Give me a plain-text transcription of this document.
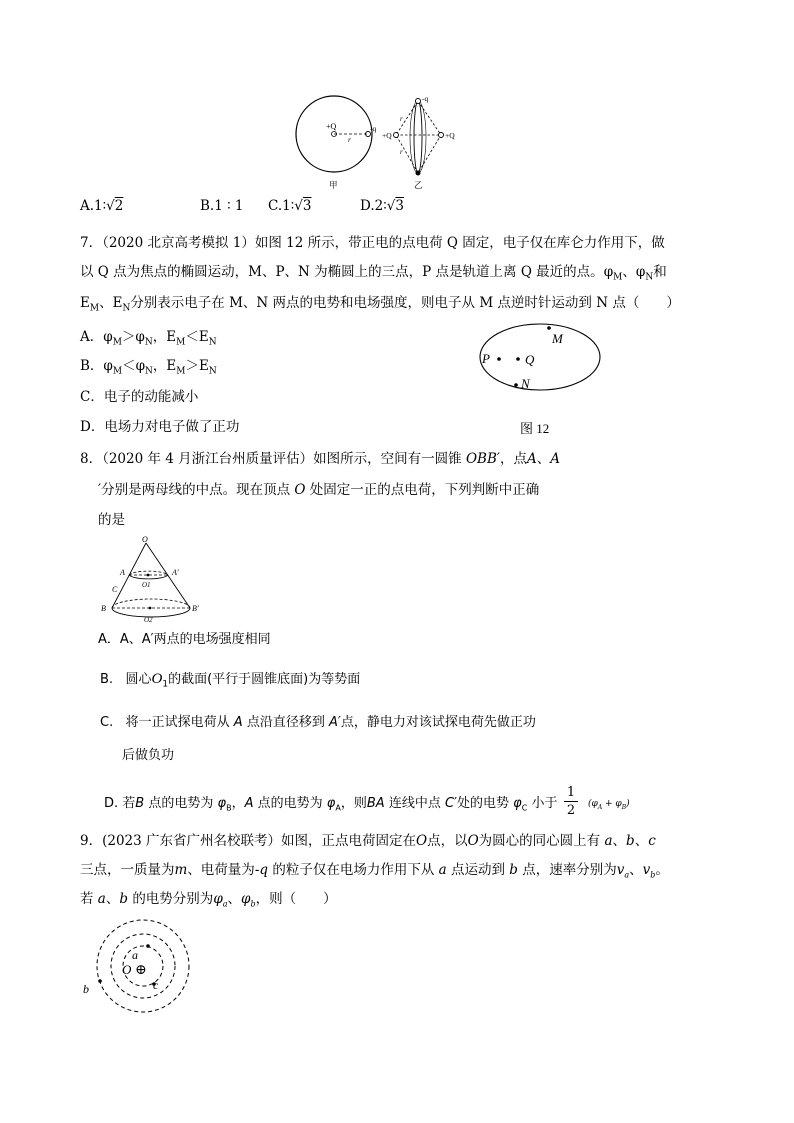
+Q	-q
r
甲
-q
+Q	+Q
r
r
乙
A.1∶√2	B.1 ∶ 1 C.1∶√3	D.2∶√3
7．（2020 北京高考模拟 1）如图 12 所示，带正电的点电荷 Q 固定，电子仅在库仑力作用下，做
以 Q 点为焦点的椭圆运动，M、P、N 为椭圆上的三点，P 点是轨道上离 Q 最近的点。$\varphi_M$、$\varphi_N$和
$E_M$、$E_N$分别表示电子在 M、N 两点的电势和电场强度，则电子从 M 点逆时针运动到 N 点（　　）
A．$\varphi_M>\varphi_N$，$E_M<E_N$
B．$\varphi_M<\varphi_N$，$E_M>E_N$
C．电子的动能减小
D．电场力对电子做了正功
M
P	Q
N
图 12
8．（2020 年 4 月浙江台州质量评估）如图所示，空间有一圆锥 OBB′，点A、A
′分别是两母线的中点。现在顶点 O 处固定一正的点电荷，下列判断中正确
的是
O
A	A′
C	O1
B	B′
O2
A．A、A′两点的电场强度相同
B. 圆心$O_1$的截面(平行于圆锥底面)为等势面
C. 将一正试探电荷从 A 点沿直径移到 A′点，静电力对该试探电荷先做正功
后做负功
D. 若B 点的电势为 $\varphi_B$，A 点的电势为 $\varphi_A$，则BA 连线中点 C′处的电势 $\varphi_C$ 小于 $\frac{1}{2} (\varphi_A + \varphi_B)$
9．(2023 广东省广州名校联考）如图，正点电荷固定在O点，以O为圆心的同心圆上有 a、b、c
三点，一质量为m、电荷量为-q 的粒子仅在电场力作用下从 a 点运动到 b 点，速率分别为$v_a$、$v_b$。
若 a、b 的电势分别为$\varphi_a$、$\varphi_b$，则（　　）
a
O ⊕
c
b
